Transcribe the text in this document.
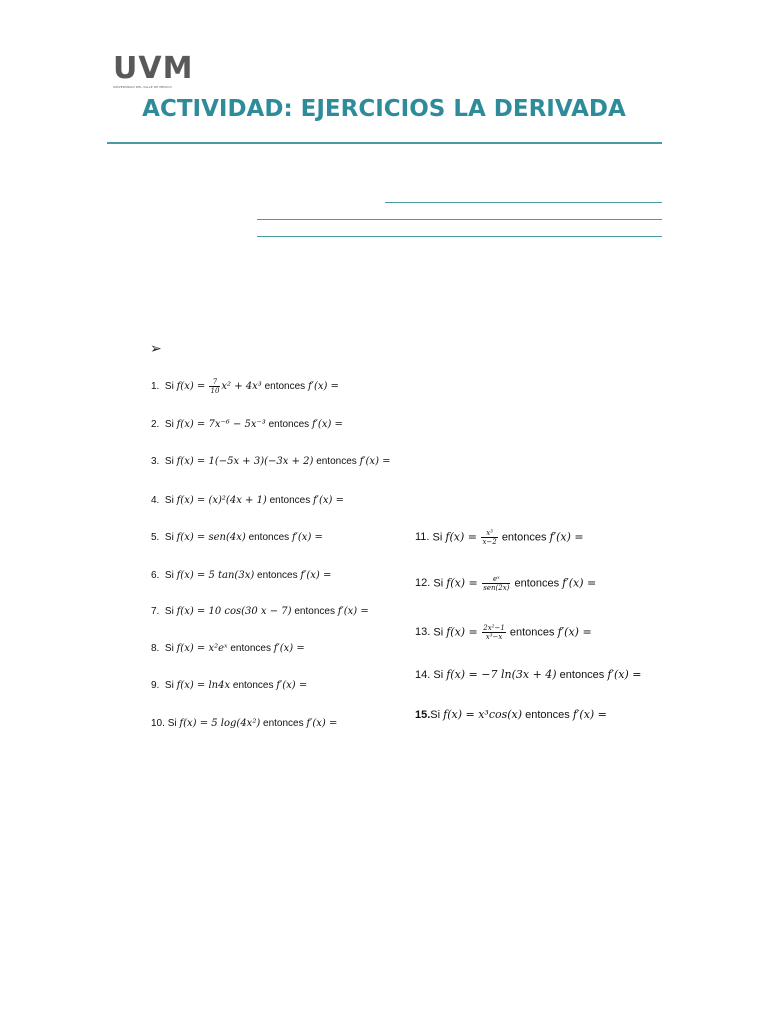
UVM
UNIVERSIDAD DEL VALLE DE MÉXICO
ACTIVIDAD: EJERCICIOS LA DERIVADA
➢
1. Si $f(x) = \frac{7}{10} x^2 + 4x^3$ entonces f′(x) =
2. Si f(x) = 7x⁻⁶ − 5x⁻³ entonces f′(x) =
3. Si f(x) = 1(−5x + 3)(−3x + 2) entonces f′(x) =
4. Si f(x) = (x)²(4x + 1) entonces f′(x) =
5. Si f(x) = sen(4x) entonces f′(x) =
6. Si f(x) = 5 tan(3x) entonces f′(x) =
7. Si f(x) = 10 cos(30 x − 7) entonces f′(x) =
8. Si f(x) = x²eˣ entonces f′(x) =
9. Si f(x) = ln4x entonces f′(x) =
10. Si f(x) = 5 log(4x²) entonces f′(x) =
11. Si $f(x) = \frac{\text{x³}}{x-2}$ entonces f′(x) =
12. Si $f(x) = \frac{\text{eˣ}}{\text{sen(2x)}}$ entonces f′(x) =
13. Si $f(x) = \frac{\text{2x²−1}}{\text{x³−x}}$ entonces f′(x) =
14. Si f(x) = −7 ln(3x + 4) entonces f′(x) =
15.Si f(x) = x³cos(x) entonces f′(x) =
